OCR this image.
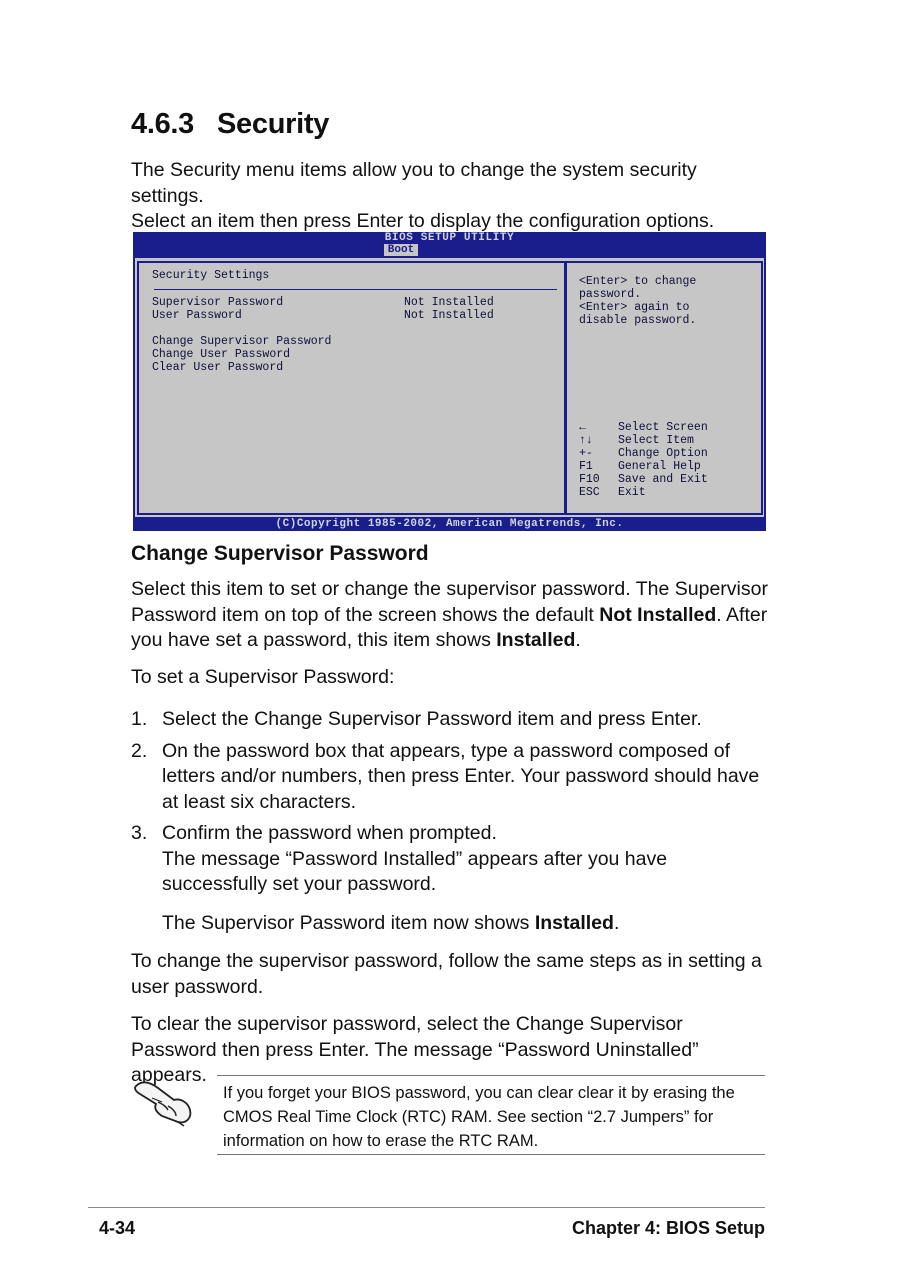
4.6.3 Security
The Security menu items allow you to change the system security settings.
Select an item then press Enter to display the configuration options.
BIOS SETUP UTILITY
Boot
Security Settings
Supervisor Password	Not Installed
User Password	Not Installed
Change Supervisor Password
Change User Password
Clear User Password
<Enter> to change
password.
<Enter> again to
disable password.
←	Select Screen
↑↓ Select Item
+- Change Option
F1 General Help
F10 Save and Exit
ESC Exit
(C)Copyright 1985-2002, American Megatrends, Inc.
Change Supervisor Password
Select this item to set or change the supervisor password. The Supervisor Password item on top of the screen shows the default Not Installed. After you have set a password, this item shows Installed.
To set a Supervisor Password:
1. Select the Change Supervisor Password item and press Enter.
2. On the password box that appears, type a password composed of letters and/or numbers, then press Enter. Your password should have at least six characters.
3. Confirm the password when prompted.
The message “Password Installed” appears after you have successfully set your password.
The Supervisor Password item now shows Installed.
To change the supervisor password, follow the same steps as in setting a user password.
To clear the supervisor password, select the Change Supervisor Password then press Enter. The message “Password Uninstalled” appears.
If you forget your BIOS password, you can clear clear it by erasing the CMOS Real Time Clock (RTC) RAM. See section “2.7 Jumpers” for information on how to erase the RTC RAM.
4-34	Chapter 4: BIOS Setup
